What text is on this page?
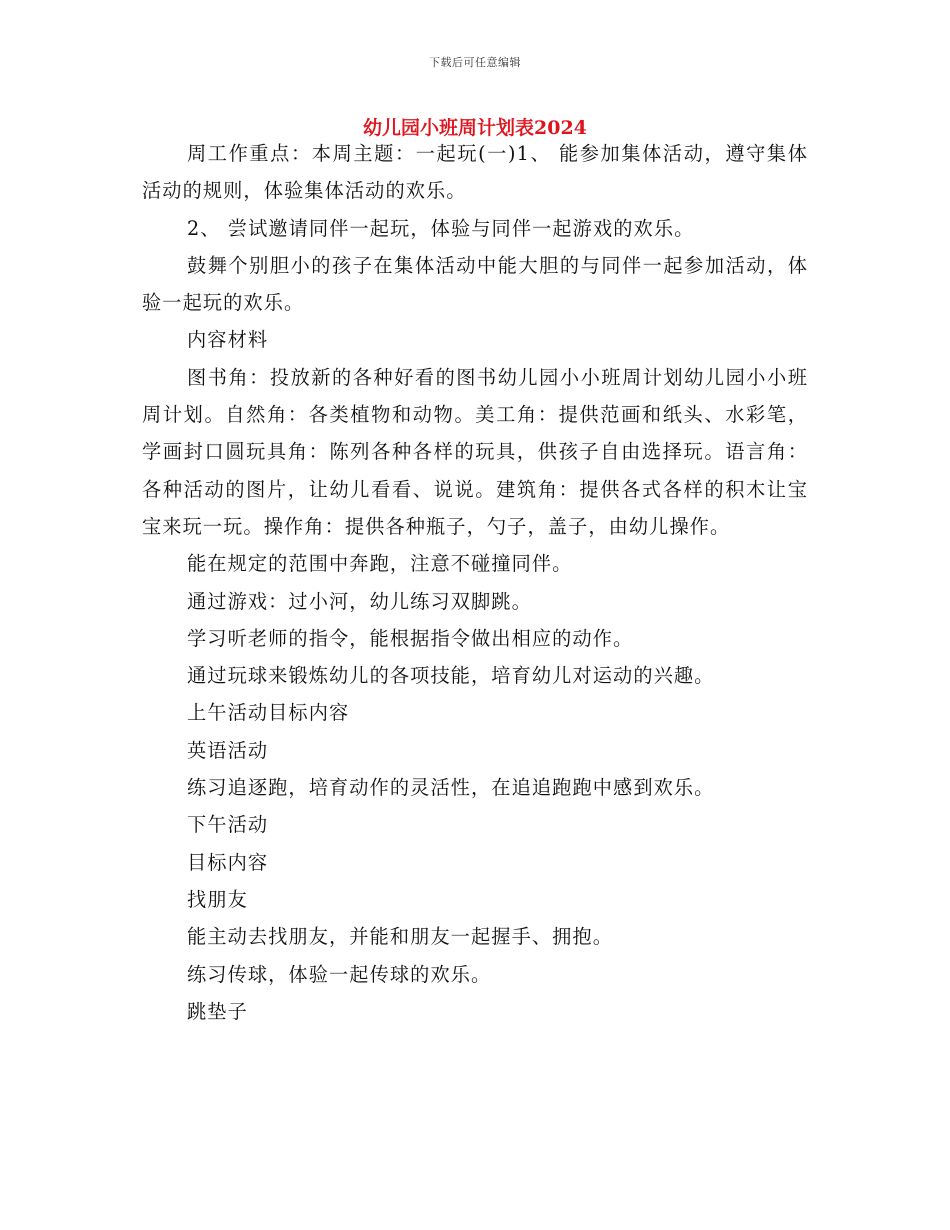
下载后可任意编辑
幼儿园小班周计划表2024

周工作重点：本周主题：一起玩(一)1、 能参加集体活动，遵守集体活动的规则，体验集体活动的欢乐。

2、 尝试邀请同伴一起玩，体验与同伴一起游戏的欢乐。

鼓舞个别胆小的孩子在集体活动中能大胆的与同伴一起参加活动，体验一起玩的欢乐。

内容材料

图书角：投放新的各种好看的图书幼儿园小小班周计划幼儿园小小班周计划。自然角：各类植物和动物。美工角：提供范画和纸头、水彩笔，学画封口圆玩具角：陈列各种各样的玩具，供孩子自由选择玩。语言角：各种活动的图片，让幼儿看看、说说。建筑角：提供各式各样的积木让宝宝来玩一玩。操作角：提供各种瓶子，勺子，盖子，由幼儿操作。

能在规定的范围中奔跑，注意不碰撞同伴。

通过游戏：过小河，幼儿练习双脚跳。

学习听老师的指令，能根据指令做出相应的动作。

通过玩球来锻炼幼儿的各项技能，培育幼儿对运动的兴趣。

上午活动目标内容

英语活动

练习追逐跑，培育动作的灵活性，在追追跑跑中感到欢乐。

下午活动

目标内容

找朋友

能主动去找朋友，并能和朋友一起握手、拥抱。

练习传球，体验一起传球的欢乐。

跳垫子
